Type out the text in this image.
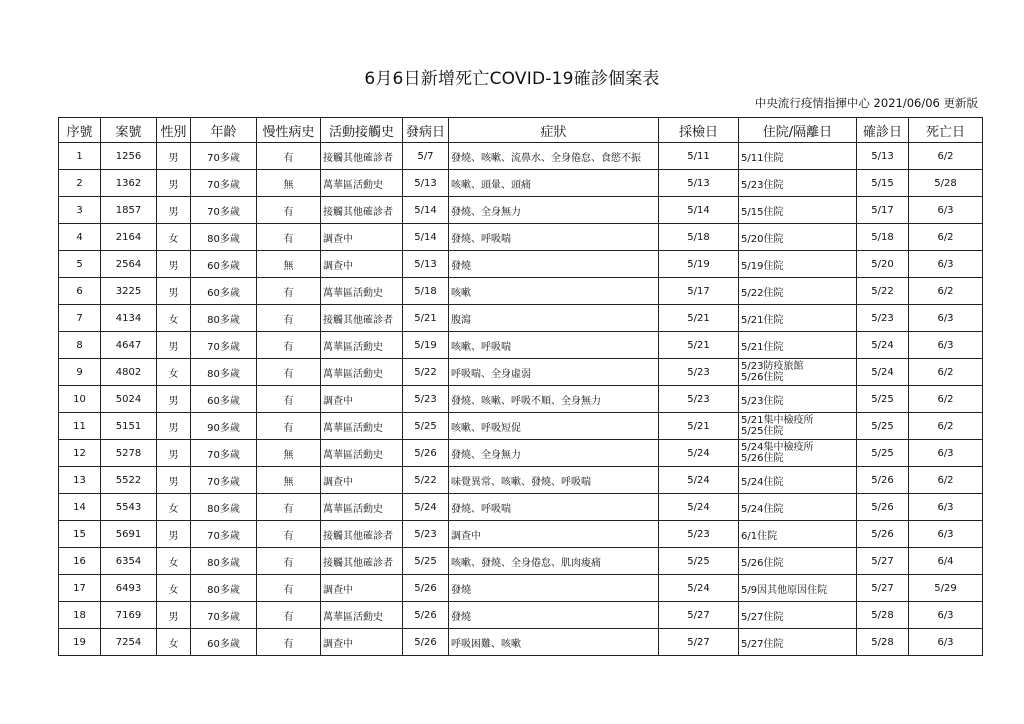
6月6日新增死亡COVID-19確診個案表
中央流行疫情指揮中心 2021/06/06 更新版
序號	案號	性別	年齡	慢性病史	活動接觸史	發病日	症狀	採檢日	住院/隔離日	確診日	死亡日
1	1256	男	70多歲	有	接觸其他確診者	5/7	發燒、咳嗽、流鼻水、全身倦怠、食慾不振	5/11	5/11住院	5/13	6/2
2	1362	男	70多歲	無	萬華區活動史	5/13	咳嗽、頭暈、頭痛	5/13	5/23住院	5/15	5/28
3	1857	男	70多歲	有	接觸其他確診者	5/14	發燒、全身無力	5/14	5/15住院	5/17	6/3
4	2164	女	80多歲	有	調查中	5/14	發燒、呼吸喘	5/18	5/20住院	5/18	6/2
5	2564	男	60多歲	無	調查中	5/13	發燒	5/19	5/19住院	5/20	6/3
6	3225	男	60多歲	有	萬華區活動史	5/18	咳嗽	5/17	5/22住院	5/22	6/2
7	4134	女	80多歲	有	接觸其他確診者	5/21	腹瀉	5/21	5/21住院	5/23	6/3
8	4647	男	70多歲	有	萬華區活動史	5/19	咳嗽、呼吸喘	5/21	5/21住院	5/24	6/3
9	4802	女	80多歲	有	萬華區活動史	5/22	呼吸喘、全身虛弱	5/23	5/23防疫旅館
5/26住院	5/24	6/2
10	5024	男	60多歲	有	調查中	5/23	發燒、咳嗽、呼吸不順、全身無力	5/23	5/23住院	5/25	6/2
11	5151	男	90多歲	有	萬華區活動史	5/25	咳嗽、呼吸短促	5/21	5/21集中檢疫所
5/25住院	5/25	6/2
12	5278	男	70多歲	無	萬華區活動史	5/26	發燒、全身無力	5/24	5/24集中檢疫所
5/26住院	5/25	6/3
13	5522	男	70多歲	無	調查中	5/22	味覺異常、咳嗽、發燒、呼吸喘	5/24	5/24住院	5/26	6/2
14	5543	女	80多歲	有	萬華區活動史	5/24	發燒、呼吸喘	5/24	5/24住院	5/26	6/3
15	5691	男	70多歲	有	接觸其他確診者	5/23	調查中	5/23	6/1住院	5/26	6/3
16	6354	女	80多歲	有	接觸其他確診者	5/25	咳嗽、發燒、全身倦怠、肌肉痠痛	5/25	5/26住院	5/27	6/4
17	6493	女	80多歲	有	調查中	5/26	發燒	5/24	5/9因其他原因住院	5/27	5/29
18	7169	男	70多歲	有	萬華區活動史	5/26	發燒	5/27	5/27住院	5/28	6/3
19	7254	女	60多歲	有	調查中	5/26	呼吸困難、咳嗽	5/27	5/27住院	5/28	6/3
